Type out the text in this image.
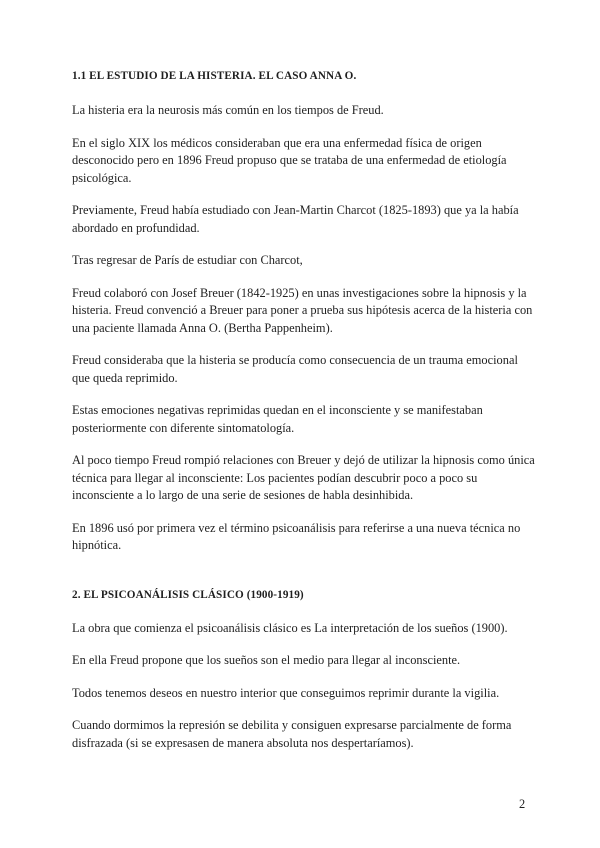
1.1 EL ESTUDIO DE LA HISTERIA. EL CASO ANNA O.

La histeria era la neurosis más común en los tiempos de Freud.

En el siglo XIX los médicos consideraban que era una enfermedad física de origen desconocido pero en 1896 Freud propuso que se trataba de una enfermedad de etiología psicológica.

Previamente, Freud había estudiado con Jean-Martin Charcot (1825-1893) que ya la había abordado en profundidad.

Tras regresar de París de estudiar con Charcot,

Freud colaboró con Josef Breuer (1842-1925) en unas investigaciones sobre la hipnosis y la histeria. Freud convenció a Breuer para poner a prueba sus hipótesis acerca de la histeria con una paciente llamada Anna O. (Bertha Pappenheim).

Freud consideraba que la histeria se producía como consecuencia de un trauma emocional que queda reprimido.

Estas emociones negativas reprimidas quedan en el inconsciente y se manifestaban posteriormente con diferente sintomatología.

Al poco tiempo Freud rompió relaciones con Breuer y dejó de utilizar la hipnosis como única técnica para llegar al inconsciente: Los pacientes podían descubrir poco a poco su inconsciente a lo largo de una serie de sesiones de habla desinhibida.

En 1896 usó por primera vez el término psicoanálisis para referirse a una nueva técnica no hipnótica.

2. EL PSICOANÁLISIS CLÁSICO (1900-1919)

La obra que comienza el psicoanálisis clásico es La interpretación de los sueños (1900).

En ella Freud propone que los sueños son el medio para llegar al inconsciente.

Todos tenemos deseos en nuestro interior que conseguimos reprimir durante la vigilia.

Cuando dormimos la represión se debilita y consiguen expresarse parcialmente de forma disfrazada (si se expresasen de manera absoluta nos despertaríamos).

2
